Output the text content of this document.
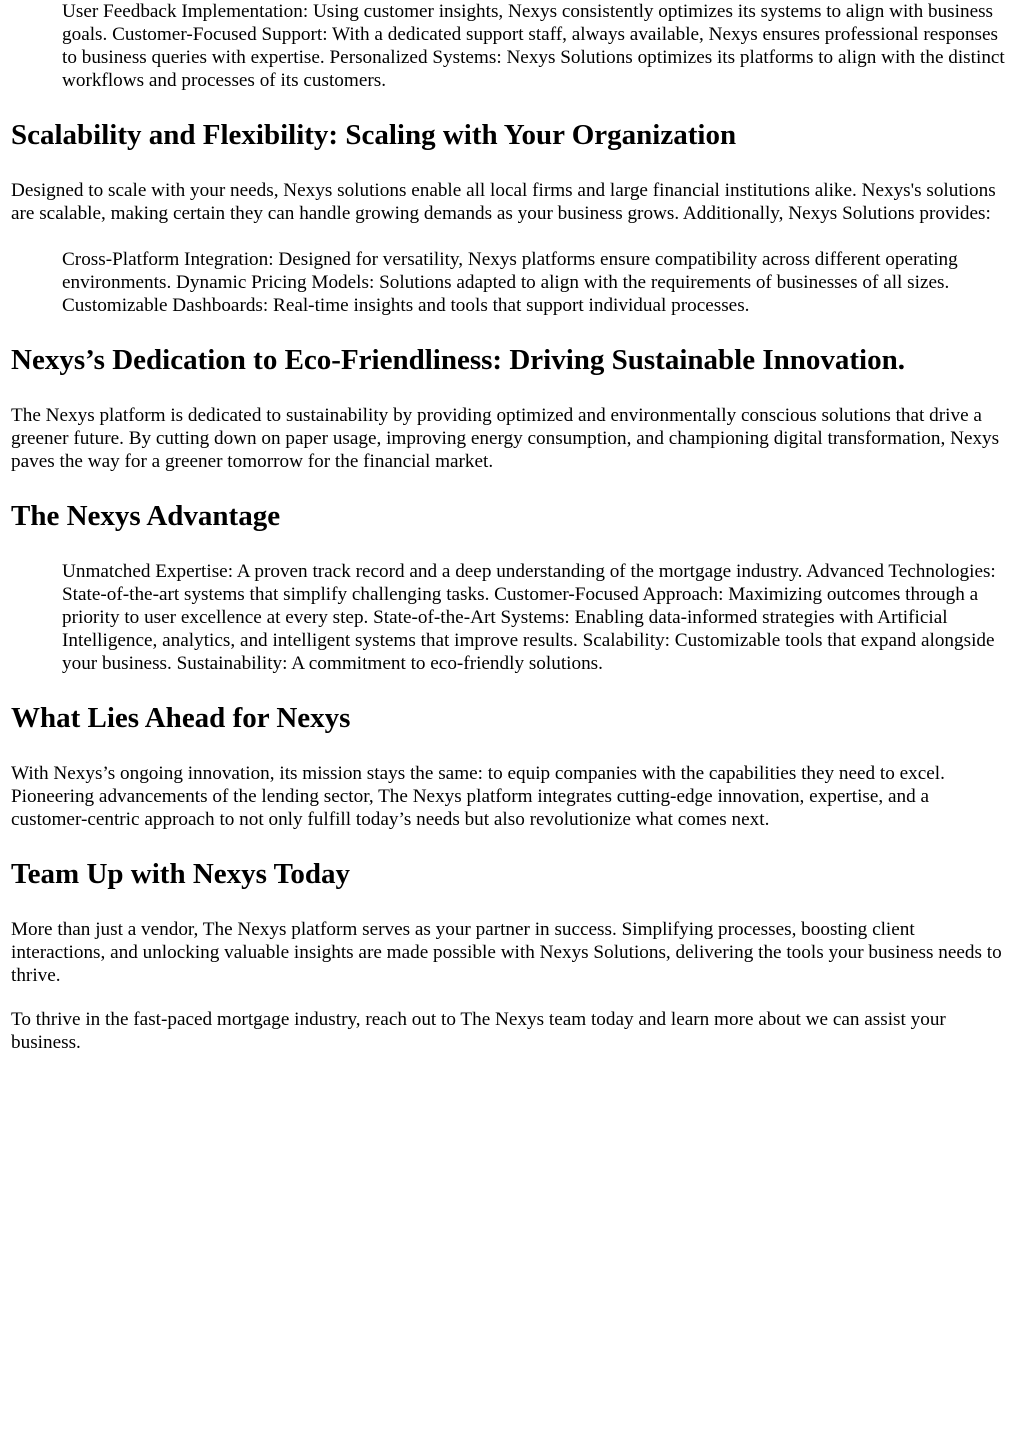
User Feedback Implementation: Using customer insights, Nexys consistently optimizes its systems to align with business goals. Customer-Focused Support: With a dedicated support staff, always available, Nexys ensures professional responses to business queries with expertise. Personalized Systems: Nexys Solutions optimizes its platforms to align with the distinct workflows and processes of its customers.
Scalability and Flexibility: Scaling with Your Organization

Designed to scale with your needs, Nexys solutions enable all local firms and large financial institutions alike. Nexys's solutions are scalable, making certain they can handle growing demands as your business grows. Additionally, Nexys Solutions provides:

Cross-Platform Integration: Designed for versatility, Nexys platforms ensure compatibility across different operating environments. Dynamic Pricing Models: Solutions adapted to align with the requirements of businesses of all sizes. Customizable Dashboards: Real-time insights and tools that support individual processes.
Nexys’s Dedication to Eco-Friendliness: Driving Sustainable Innovation.

The Nexys platform is dedicated to sustainability by providing optimized and environmentally conscious solutions that drive a greener future. By cutting down on paper usage, improving energy consumption, and championing digital transformation, Nexys paves the way for a greener tomorrow for the financial market.

The Nexys Advantage
Unmatched Expertise: A proven track record and a deep understanding of the mortgage industry. Advanced Technologies: State-of-the-art systems that simplify challenging tasks. Customer-Focused Approach: Maximizing outcomes through a priority to user excellence at every step. State-of-the-Art Systems: Enabling data-informed strategies with Artificial Intelligence, analytics, and intelligent systems that improve results. Scalability: Customizable tools that expand alongside your business. Sustainability: A commitment to eco-friendly solutions.
What Lies Ahead for Nexys

With Nexys’s ongoing innovation, its mission stays the same: to equip companies with the capabilities they need to excel. Pioneering advancements of the lending sector, The Nexys platform integrates cutting-edge innovation, expertise, and a customer-centric approach to not only fulfill today’s needs but also revolutionize what comes next.

Team Up with Nexys Today

More than just a vendor, The Nexys platform serves as your partner in success. Simplifying processes, boosting client interactions, and unlocking valuable insights are made possible with Nexys Solutions, delivering the tools your business needs to thrive.

To thrive in the fast-paced mortgage industry, reach out to The Nexys team today and learn more about we can assist your business.
